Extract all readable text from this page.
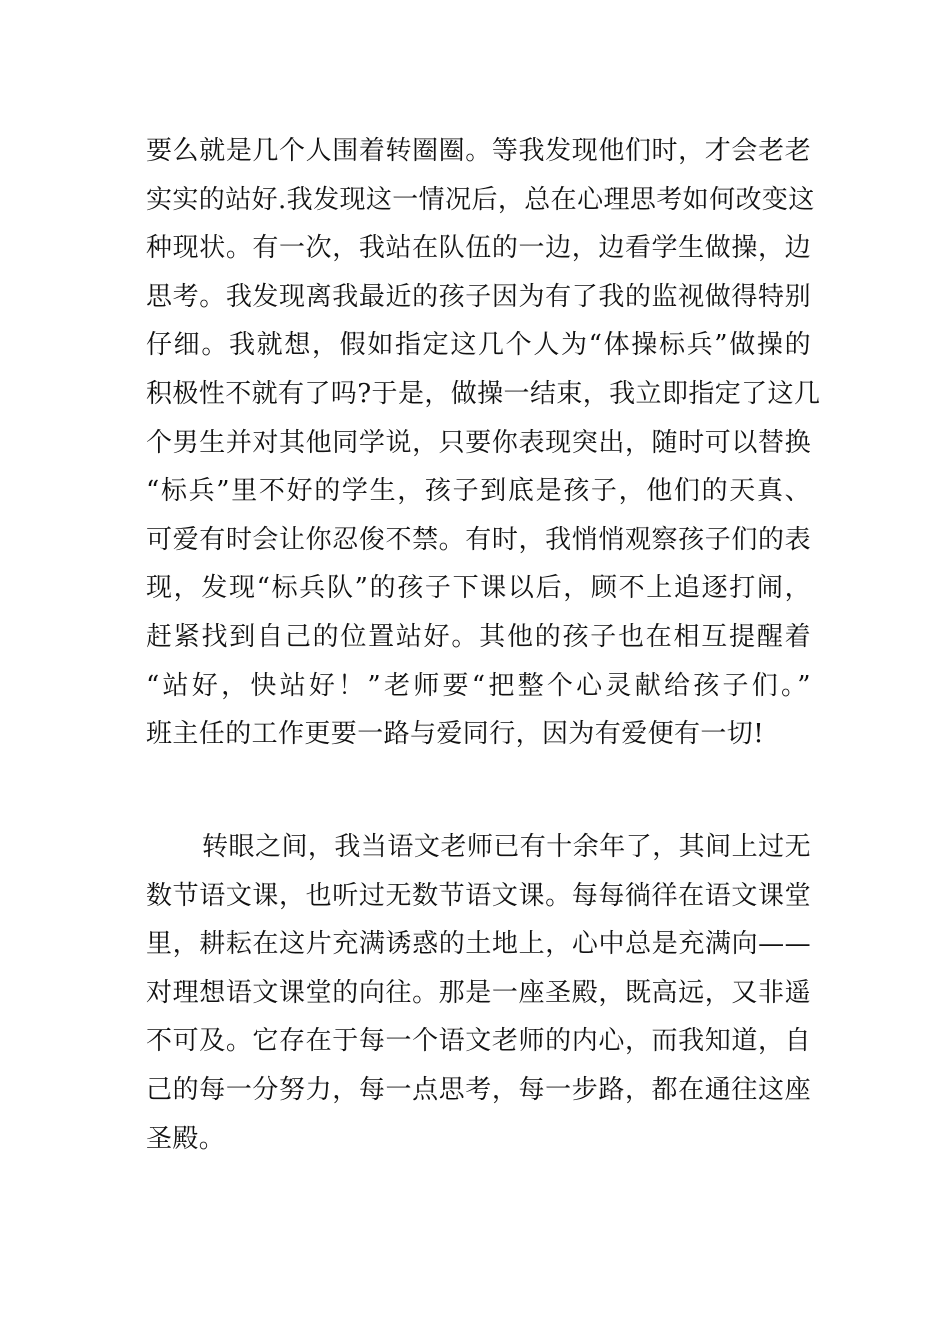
要么就是几个人围着转圈圈。等我发现他们时，才会老老
实实的站好.我发现这一情况后，总在心理思考如何改变这
种现状。有一次，我站在队伍的一边，边看学生做操，边
思考。我发现离我最近的孩子因为有了我的监视做得特别
仔细。我就想，假如指定这几个人为“体操标兵”做操的
积极性不就有了吗?于是，做操一结束，我立即指定了这几
个男生并对其他同学说，只要你表现突出，随时可以替换
“标兵”里不好的学生，孩子到底是孩子，他们的天真、
可爱有时会让你忍俊不禁。有时，我悄悄观察孩子们的表
现，发现“标兵队”的孩子下课以后，顾不上追逐打闹，
赶紧找到自己的位置站好。其他的孩子也在相互提醒着
“站好，快站好！”老师要“把整个心灵献给孩子们。”
班主任的工作更要一路与爱同行，因为有爱便有一切!
转眼之间，我当语文老师已有十余年了，其间上过无
数节语文课，也听过无数节语文课。每每徜徉在语文课堂
里，耕耘在这片充满诱惑的土地上，心中总是充满向——
对理想语文课堂的向往。那是一座圣殿，既高远，又非遥
不可及。它存在于每一个语文老师的内心，而我知道，自
己的每一分努力，每一点思考，每一步路，都在通往这座
圣殿。
